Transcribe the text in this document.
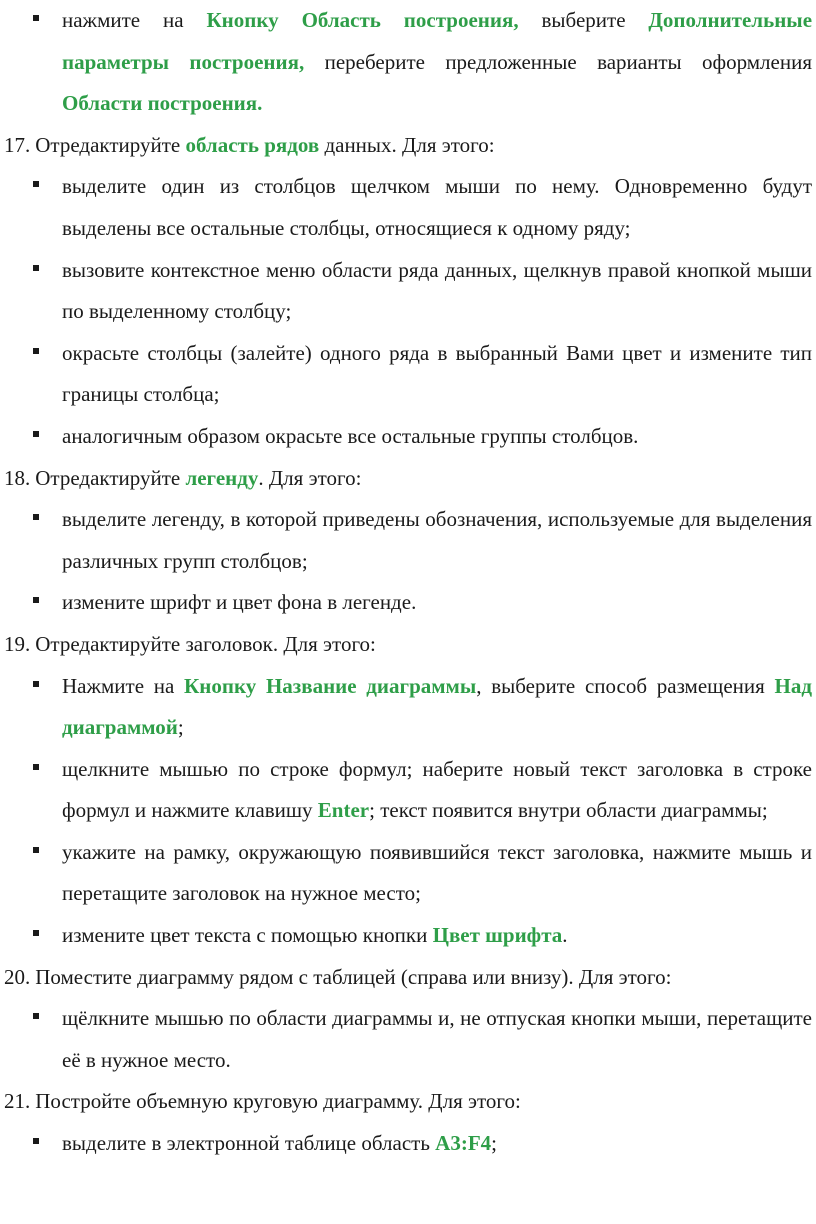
нажмите на Кнопку Область построения, выберите Дополнительные параметры построения, переберите предложенные варианты оформления Области построения.
17. Отредактируйте область рядов данных. Для этого:
выделите один из столбцов щелчком мыши по нему. Одновременно будут выделены все остальные столбцы, относящиеся к одному ряду;
вызовите контекстное меню области ряда данных, щелкнув правой кнопкой мыши по выделенному столбцу;
окрасьте столбцы (залейте) одного ряда в выбранный Вами цвет и измените тип границы столбца;
аналогичным образом окрасьте все остальные группы столбцов.
18. Отредактируйте легенду. Для этого:
выделите легенду, в которой приведены обозначения, используемые для выделения различных групп столбцов;
измените шрифт и цвет фона в легенде.
19. Отредактируйте заголовок. Для этого:
Нажмите на Кнопку Название диаграммы, выберите способ размещения Над диаграммой;
щелкните мышью по строке формул; наберите новый текст заголовка в строке формул и нажмите клавишу Enter; текст появится внутри области диаграммы;
укажите на рамку, окружающую появившийся текст заголовка, нажмите мышь и перетащите заголовок на нужное место;
измените цвет текста с помощью кнопки Цвет шрифта.
20. Поместите диаграмму рядом с таблицей (справа или внизу). Для этого:
щёлкните мышью по области диаграммы и, не отпуская кнопки мыши, перетащите её в нужное место.
21. Постройте объемную круговую диаграмму. Для этого:
выделите в электронной таблице область A3:F4;
